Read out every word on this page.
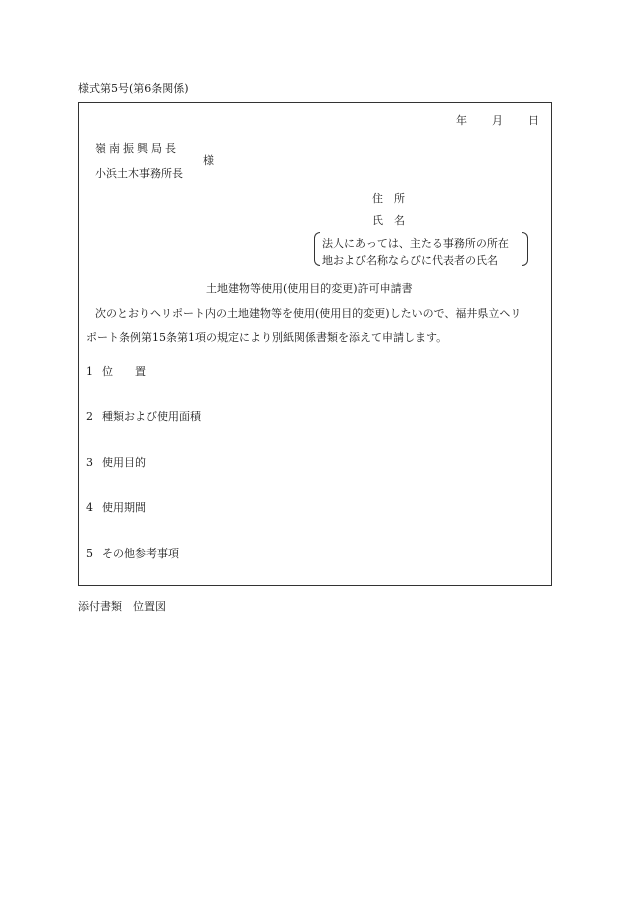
様式第5号(第6条関係)
年 月 日
嶺南振興局長
小浜土木事務所長
様
住　所
氏　名
法人にあっては、主たる事務所の所在
地および名称ならびに代表者の氏名
土地建物等使用(使用目的変更)許可申請書
次のとおりヘリポート内の土地建物等を使用(使用目的変更)したいので、福井県立ヘリ
ポート条例第15条第1項の規定により別紙関係書類を添えて申請します。
1 位　　置
2 種類および使用面積
3 使用目的
4 使用期間
5 その他参考事項
添付書類　位置図
